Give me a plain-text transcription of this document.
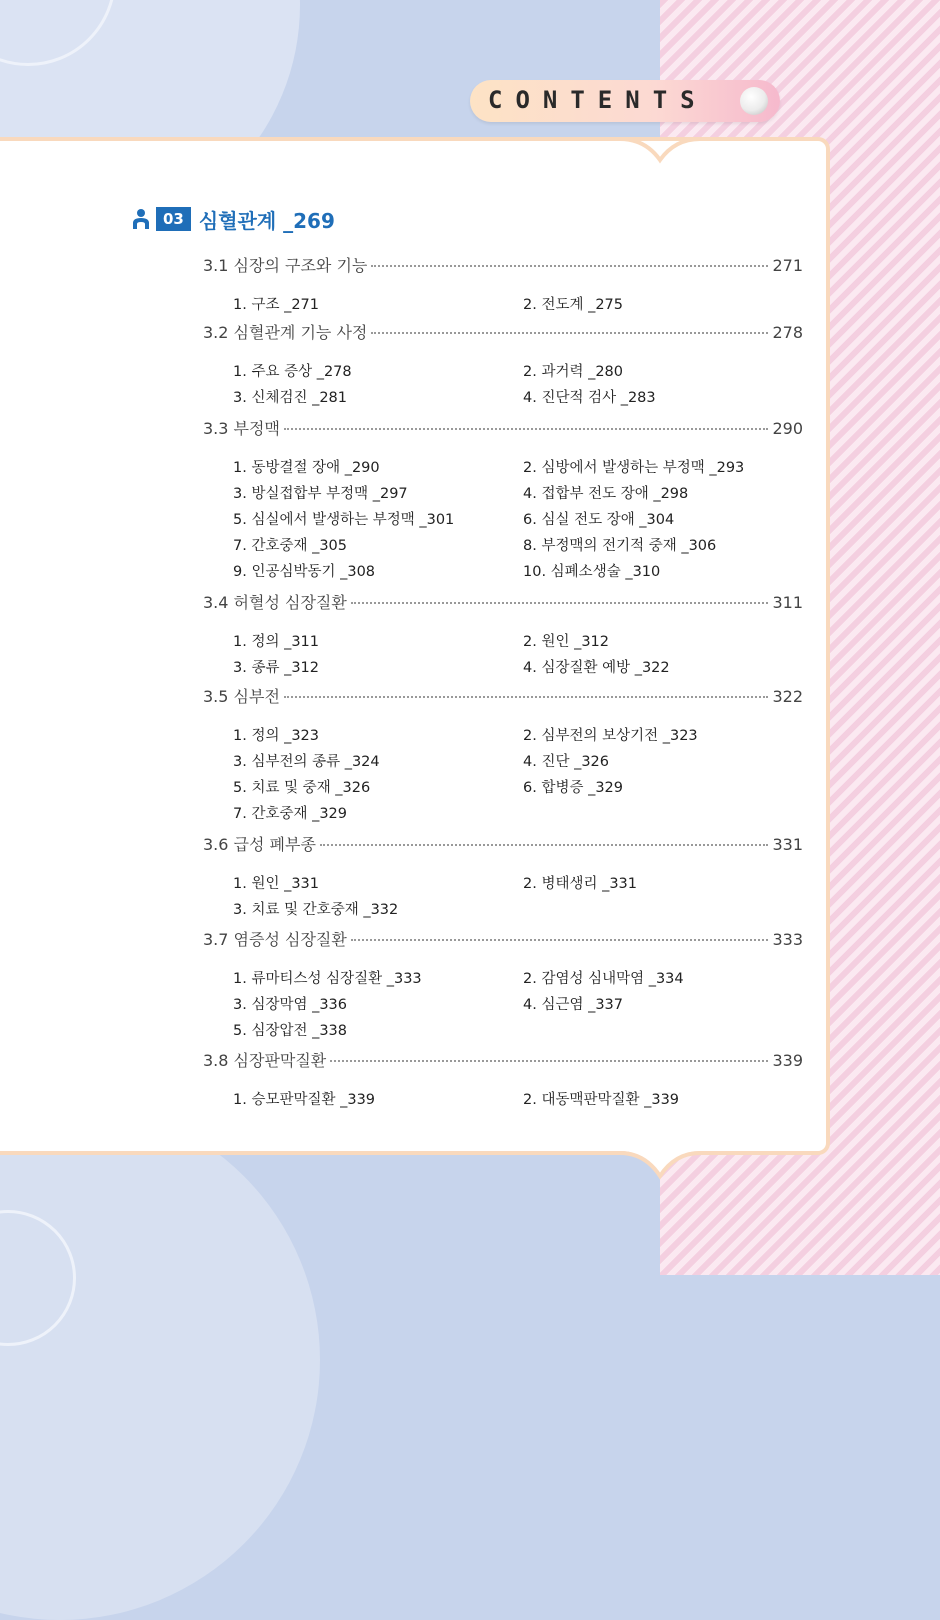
CONTENTS
03 심혈관계 _269
3.1 심장의 구조와 기능	271
1. 구조 _271	2. 전도계 _275
3.2 심혈관계 기능 사정	278
1. 주요 증상 _278	2. 과거력 _280
3. 신체검진 _281	4. 진단적 검사 _283
3.3 부정맥	290
1. 동방결절 장애 _290	2. 심방에서 발생하는 부정맥 _293
3. 방실접합부 부정맥 _297	4. 접합부 전도 장애 _298
5. 심실에서 발생하는 부정맥 _301	6. 심실 전도 장애 _304
7. 간호중재 _305	8. 부정맥의 전기적 중재 _306
9. 인공심박동기 _308	10. 심폐소생술 _310
3.4 허혈성 심장질환	311
1. 정의 _311	2. 원인 _312
3. 종류 _312	4. 심장질환 예방 _322
3.5 심부전	322
1. 정의 _323	2. 심부전의 보상기전 _323
3. 심부전의 종류 _324	4. 진단 _326
5. 치료 및 중재 _326	6. 합병증 _329
7. 간호중재 _329
3.6 급성 폐부종	331
1. 원인 _331	2. 병태생리 _331
3. 치료 및 간호중재 _332
3.7 염증성 심장질환	333
1. 류마티스성 심장질환 _333	2. 감염성 심내막염 _334
3. 심장막염 _336	4. 심근염 _337
5. 심장압전 _338
3.8 심장판막질환	339
1. 승모판막질환 _339	2. 대동맥판막질환 _339
